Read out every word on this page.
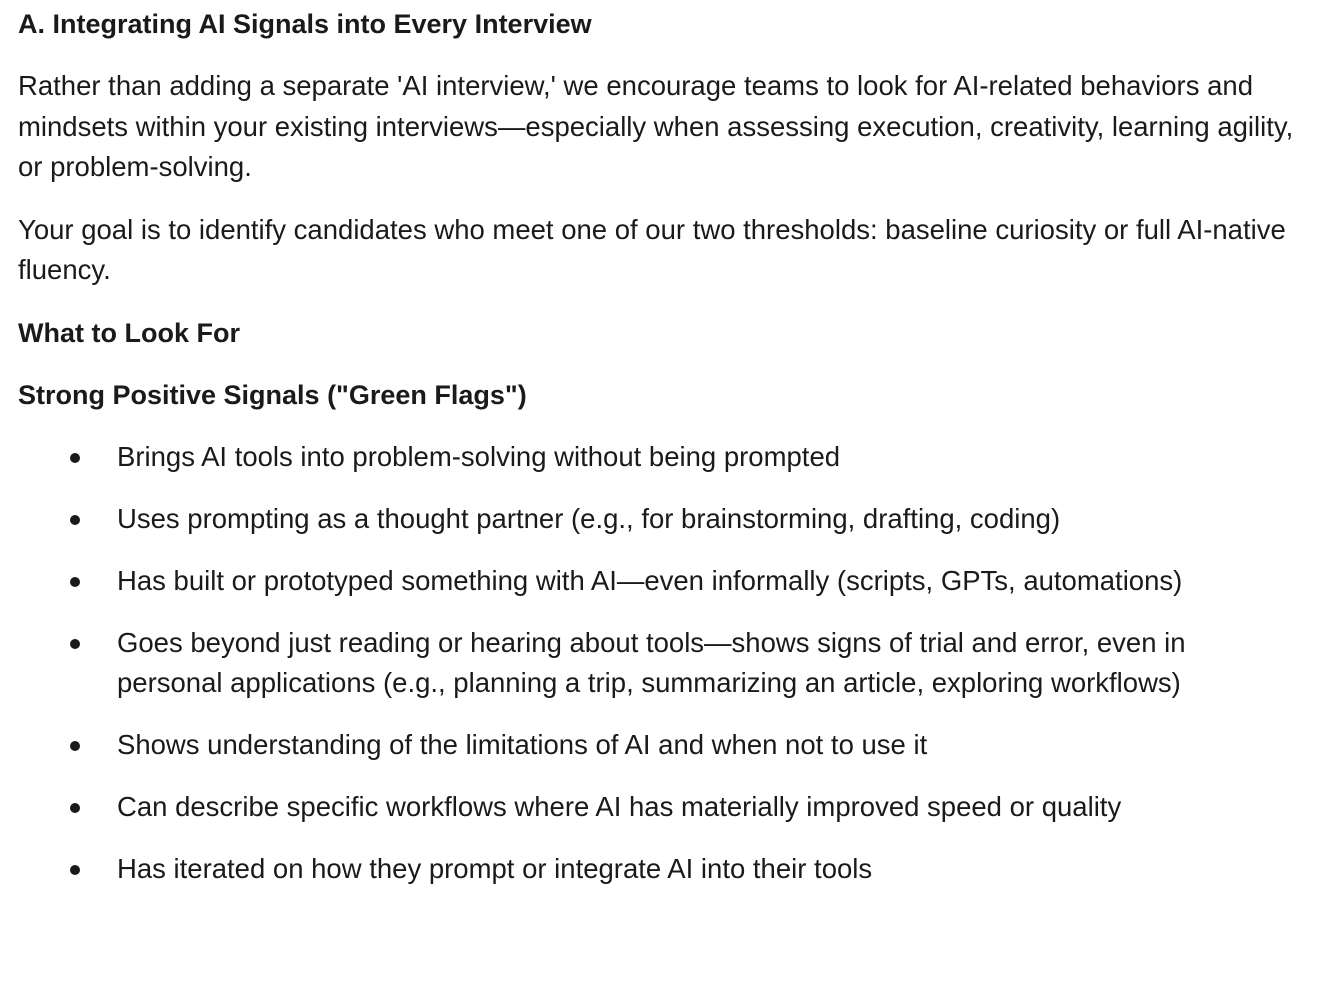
A. Integrating AI Signals into Every Interview

Rather than adding a separate 'AI interview,' we encourage teams to look for AI-related behaviors and mindsets within your existing interviews—especially when assessing execution, creativity, learning agility, or problem-solving.

Your goal is to identify candidates who meet one of our two thresholds: baseline curiosity or full AI-native fluency.

What to Look For
Strong Positive Signals ("Green Flags")
Brings AI tools into problem-solving without being prompted
Uses prompting as a thought partner (e.g., for brainstorming, drafting, coding)
Has built or prototyped something with AI—even informally (scripts, GPTs, automations)
Goes beyond just reading or hearing about tools—shows signs of trial and error, even in personal applications (e.g., planning a trip, summarizing an article, exploring workflows)
Shows understanding of the limitations of AI and when not to use it
Can describe specific workflows where AI has materially improved speed or quality
Has iterated on how they prompt or integrate AI into their tools
